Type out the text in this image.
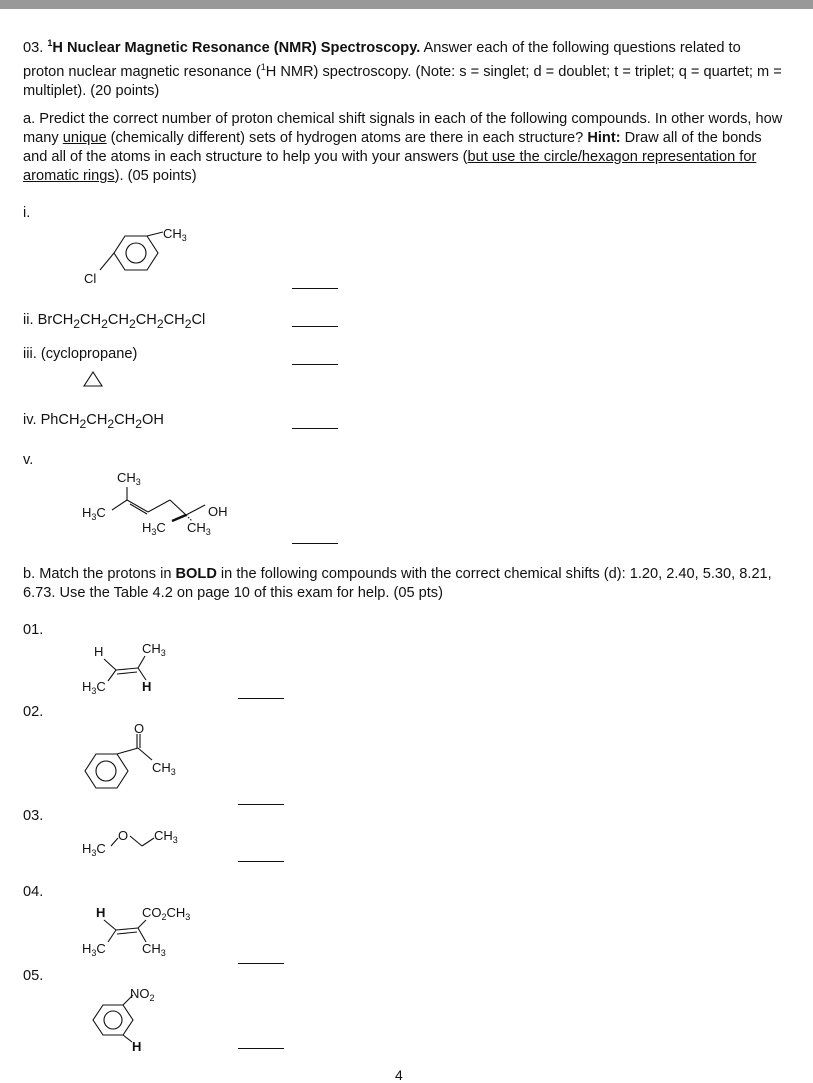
03. $^1$H Nuclear Magnetic Resonance (NMR) Spectroscopy. Answer each of the following questions related to proton nuclear magnetic resonance ($^1$H NMR) spectroscopy. (Note: s = singlet; d = doublet; t = triplet; q = quartet; m = multiplet). (20 points)
a. Predict the correct number of proton chemical shift signals in each of the following compounds. In other words, how many unique (chemically different) sets of hydrogen atoms are there in each structure? Hint: Draw all of the bonds and all of the atoms in each structure to help you with your answers (but use the circle/hexagon representation for aromatic rings). (05 points)
i.
ii. $BrCH_2CH_2CH_2CH_2CH_2Cl$
iii. (cyclopropane)
iv. $PhCH_2CH_2CH_2OH$
v.
b. Match the protons in BOLD in the following compounds with the correct chemical shifts (d): 1.20, 2.40, 5.30, 8.21, 6.73. Use the Table 4.2 on page 10 of this exam for help. (05 pts)
01.
02.
03.
04.
05.
$CH_3$
Cl
$CH_3$
$H_3C$	OH
$H_3C$ $CH_3$
H	$CH_3$
$H_3C$	H
O
$CH_3$
$H_3C$
O $CH_3$
H	$CO_2CH_3$
$H_3C$	$CH_3$
$NO_2$
H
4
